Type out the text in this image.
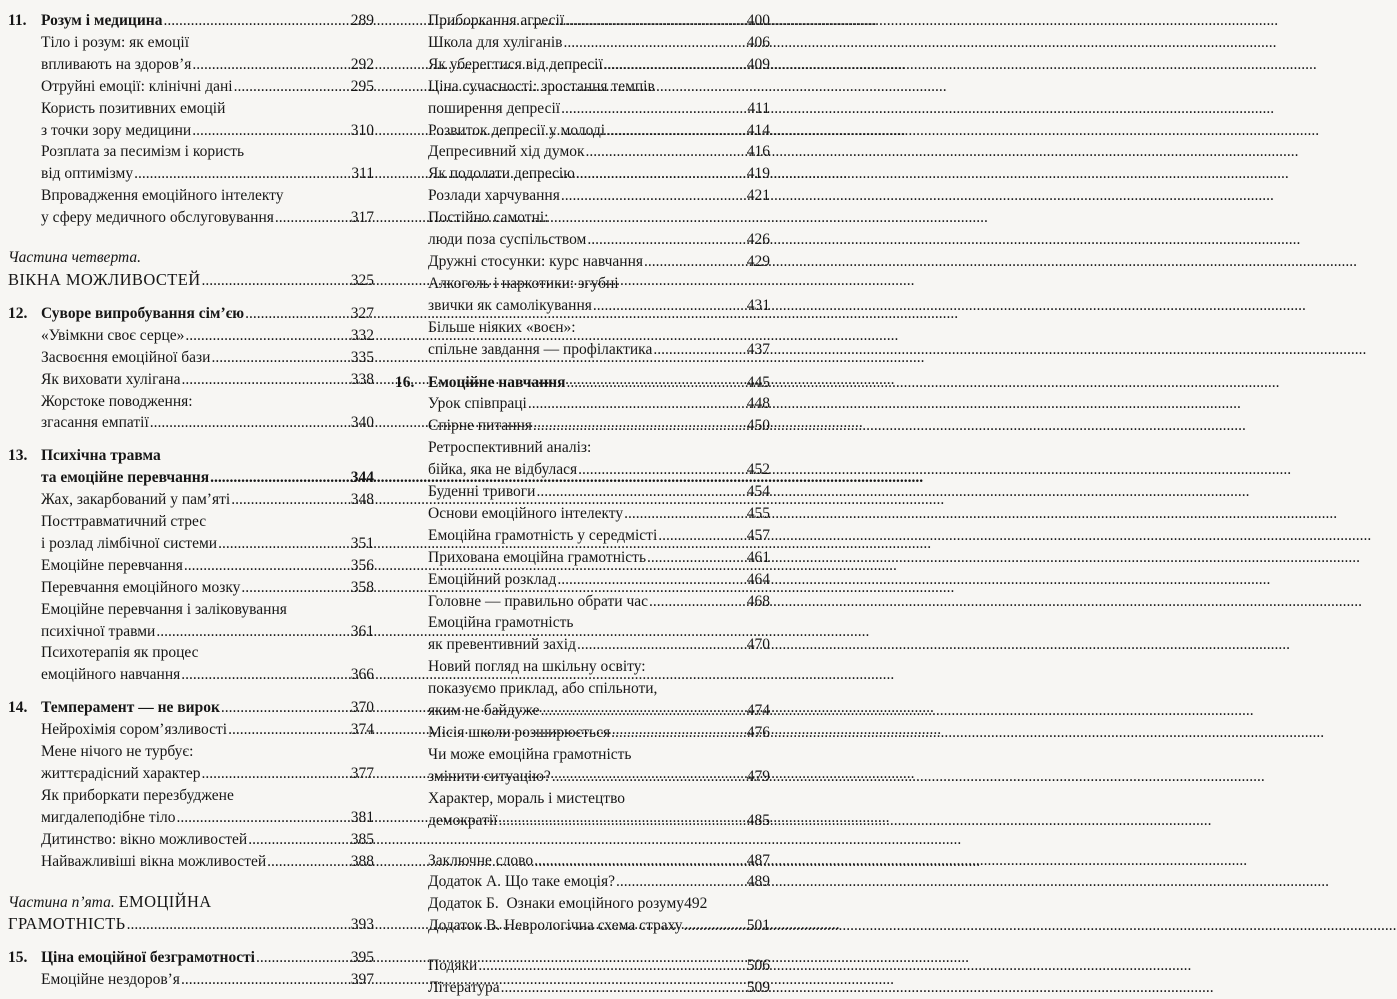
11. Розум і медицина .....	289
Тіло і розум: як емоції
впливають на здоров’я .....	292
Отруйні емоції: клінічні дані .....	295
Користь позитивних емоцій
з точки зору медицини .....	310
Розплата за песимізм і користь
від оптимізму .....	311
Впровадження емоційного інтелекту
у сферу медичного обслуговування .....	317
Частина четверта.
ВІКНА МОЖЛИВОСТЕЙ .....	325
12. Суворе випробування сім’єю .....	327
«Увімкни своє серце» .....	332
Засвоєння емоційної бази .....	335
Як виховати хулігана .....	338
Жорстоке поводження:
згасання емпатії .....	340
13. Психічна травма
та емоційне перевчання .....	344
Жах, закарбований у пам’яті .....	348
Посттравматичний стрес
і розлад лімбічної системи .....	351
Емоційне перевчання .....	356
Перевчання емоційного мозку .....	358
Емоційне перевчання і заліковування
психічної травми .....	361
Психотерапія як процес
емоційного навчання .....	366
14. Темперамент — не вирок .....	370
Нейрохімія сором’язливості .....	374
Мене нічого не турбує:
життєрадісний характер .....	377
Як приборкати перезбуджене
мигдалеподібне тіло .....	381
Дитинство: вікно можливостей .....	385
Найважливіші вікна можливостей .....	388
Частина п’ята. ЕМОЦІЙНА
ГРАМОТНІСТЬ .....	393
15. Ціна емоційної безграмотності .....	395
Емоційне нездоров’я .....	397
Приборкання агресії .....	400
Школа для хуліганів .....	406
Як уберегтися від депресії .....	409
Ціна сучасності: зростання темпів
поширення депресії .....	411
Розвиток депресії у молоді .....	414
Депресивний хід думок .....	416
Як подолати депресію .....	419
Розлади харчування .....	421
Постійно самотні:
люди поза суспільством .....	426
Дружні стосунки: курс навчання .....	429
Алкоголь і наркотики: згубні
звички як самолікування .....	431
Більше ніяких «воєн»:
спільне завдання — профілактика .....	437
16. Емоційне навчання .....	445
Урок співпраці .....	448
Спірне питання .....	450
Ретроспективний аналіз:
бійка, яка не відбулася .....	452
Буденні тривоги .....	454
Основи емоційного інтелекту .....	455
Емоційна грамотність у середмісті .....	457
Прихована емоційна грамотність .....	461
Емоційний розклад .....	464
Головне — правильно обрати час .....	468
Емоційна грамотність
як превентивний захід .....	470
Новий погляд на шкільну освіту:
показуємо приклад, або спільноти,
яким не байдуже .....	474
Місія школи розширюється .....	476
Чи може емоційна грамотність
змінити ситуацію? .....	479
Характер, мораль і мистецтво
демократії .....	485
Заключне слово .....	487
Додаток А. Що таке емоція? .....	489
Додаток Б.  Ознаки емоційного розуму 492
Додаток В. Неврологічна схема страху .....	501
Подяки .....	506
Література .....	509
